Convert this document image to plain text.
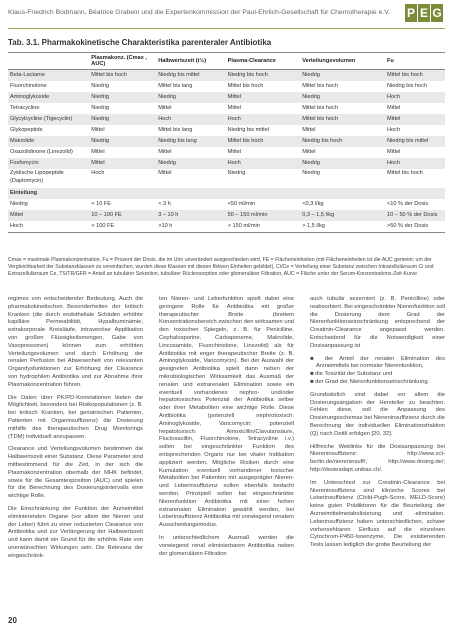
Klaus-Friedrich Bodmann, Béatrice Grabein und die Expertenkommission der Paul-Ehrlich-Gesellschaft für Chemotherapie e.V. P E G
Tab. 3.1. Pharmakokinetische Charakteristika parenteraler Antibiotika
	Plasmakonz. (Cmax , AUC)	Halbwertszeit (t½)	Plasma-Clearance	Verteilungsvolumen	Fu
Beta-Lactame	Mittel bis hoch	Niedrig bis mittel	Niedrig bis hoch	Niedrig	Mittel bis hoch
Fluorchinolone	Niedrig	Mittel bis lang	Mittel bis hoch	Mittel bis hoch	Niedrig bis hoch
Aminoglykoside	Niedrig	Niedrig	Mittel	Niedrig	Hoch
Tetracycline	Niedrig	Mittel	Mittel	Mittel bis hoch	Mittel
Glycylcycline (Tigecyclin)	Niedrig	Hoch	Hoch	Mittel bis hoch	Mittel
Glykopeptide	Mittel	Mittel bis lang	Niedrig bis mittel	Mittel	Hoch
Makrolide	Niedrig	Niedrig bis lang	Mittel bis hoch	Niedrig bis hoch	Niedrig bis mittel
Oxazolidinone (Linezolid)	Mittel	Mittel	Mittel	Mittel	Mittel
Fosfomycin	Mittel	Niedrig	Hoch	Niedrig	Hoch
Zyklische Lipopeptide (Daptomycin)	Hoch	Mittel	Niedrig	Niedrig	Mittel bis hoch
Einteilung					
Niedrig	< 10 FE	< 3 h	<50 ml/min	<0,3 l/kg	<10 % der Dosis
Mittel	10 – 100 FE	3 – 10 h	50 – 150 ml/min	0,3 – 1,5 l/kg	10 – 50 % der Dosis
Hoch	> 100 FE	>10 h	> 150 ml/min	> 1,5 l/kg	>50 % der Dosis
Cmax = maximale Plasmakonzentration, Fu = Prozent der Dosis, die im Urin unverändert ausgeschieden wird, FE = Flächeneinheiten (mit Flächeneinheiten ist die AUC gemeint; um der Vergleichbarkeit der Substanzklassen zu vereinfachen, wurden diese Klassen mit diesen fiktiven Einheiten gebildet), Ci/Ce = Verteilung einer Substanz zwischen Intrazellulärraum Ci und Extrazellulärraum Ce, TS/TR/GFR = Anteil an tubulärer Sekretion, tubulärer Rückresorption oder glomerulärer Filtration, AUC = Fläche unter der Serum-Konzentrations-Zeit-Kurve

regimes von entscheidender Bedeutung. Auch die pharmakokinetischen Besonderheiten der kritisch Kranken (die durch endotheliale Schäden erhöhte kapilläre Permeabilität, Hypalbuminämie, extrakorporale Kreisläufe, intravenöse Applikation von großen Flüssigkeitsmengen, Gabe von Vasopressoren) können zum erhöhten Verteilungsvolumen und durch Erhöhung der renalen Perfusion bei Abwesenheit von relevanten Organdysfunktionen zur Erhöhung der Clearance von hydrophilen Antibiotika und zur Abnahme ihrer Plasmakonzentration führen.

Die Daten über PK/PD-Korrelationen bieten die Möglichkeit, besonders bei Risikopopulationen (z. B. bei kritisch Kranken, bei geriatrischen Patienten, Patienten mit Organinsuffizienz) die Dosierung mithilfe des therapeutischen Drug Monitorings (TDM) individuell anzupassen.

Clearance und Verteilungsvolumen bestimmen die Halbwertszeit einer Substanz. Diese Parameter sind mitbestimmend für die Zeit, in der sich die Plasmakonzentration oberhalb der MHK befindet, sowie für die Gesamtexposition (AUC) und spielen für die Berechnung des Dosierungsintervalls eine wichtige Rolle.

Die Einschränkung der Funktion der Arzneimittel eliminierenden Organe (vor allem der Nieren und der Leber) führt zu einer reduzierten Clearance von Antibiotika und zur Verlängerung der Halbwertszeit und kann damit ein Grund für die erhöhte Rate von unerwünschten Wirkungen sein. Die Relevanz der eingeschränk-

ten Nieren- und Leberfunktion spielt dabei eine geringere Rolle für Antibiotika mit großer therapeutischer Breite (breitem Konzentrationsbereich zwischen den wirksamen und den toxischen Spiegeln, z. B. für Penicilline, Cephalosporine, Carbapeneme, Makrolide, Lincosamide, Fluorchinolone, Linezolid) als für Antibiotika mit enger therapeutischer Breite (z. B. Aminoglykoside, Vancomycin). Bei der Auswahl der geeigneten Antibiotika spielt dann neben der mikrobiologischen Wirksamkeit das Ausmaß der renalen und extrarenalen Elimination sowie ein eventuell vorhandenes nephro- und/oder hepatotoxisches Potenzial der Antibiotika selber oder ihrer Metaboliten eine wichtige Rolle. Diese Antibiotika (potenziell nephrotoxisch: Aminoglykoside, Vancomycin; potenziell hepatotoxisch: Amoxicillin/Clavulansäure, Flucloxacillin, Fluorchinolone, Tetracycline i.v.) sollen bei eingeschränkter Funktion des entsprechenden Organs nur bei vitaler Indikation appliziert werden. Mögliche Risiken durch eine Kumulation eventuell vorhandener toxischer Metaboliten bei Patienten mit ausgeprägter Nieren- und Leberinsuffizienz sollen ebenfalls bedacht werden. Prinzipiell sollen bei eingeschränkter Nierenfunktion Antibiotika mit einer hohen extrarenalen Elimination gewählt werden, bei Leberinsuffizienz Antibiotika mit vorwiegend renalem Ausscheidungsmodus.

In unterschiedlichem Ausmaß werden die vorwiegend renal eliminierbaren Antibiotika neben der glomerulären Filtration

auch tubulär sezerniert (z. B. Penicilline) oder reabsorbiert. Bei eingeschränkter Nierenfunktion soll die Dosierung dem Grad der Nierenfunktionseinschränkung entsprechend der Creatinin-Clearance angepasst werden. Entscheidend für die Notwendigkeit einer Dosisanpassung ist

■ der Anteil der renalen Elimination des Arzneimittels bei normaler Nierenfunktion,
■ die Toxizität der Substanz und
■ der Grad der Nierenfunktionseinschränkung.

Grundsätzlich sind dabei vor allem die Dosierungsangaben der Hersteller zu beachten. Fehlen diese, soll die Anpassung des Dosierungsschemas bei Niereninsuffizienz durch die Berechnung der individuellen Eliminationsfraktion (Q) nach Dettli erfolgen [20, 32].

Hilfreiche Weblinks für die Dosisanpassung bei Niereninsuffizienz: http://www.zct-berlin.de/niereninsuff/; http://www.dosing.de/; http://dosieadapt.unibas.ch/.

Im Unterschied zur Creatinin-Clearance bei Niereninsuffizienz sind klinische Scores bei Leberinsuffizienz (Child-Pugh-Score, MELD-Score) keine guten Prädiktoren für die Beurteilung der Arzneimittelmetabolisierung und -elimination. Leberinsuffizienz haben unterschiedlichen, schwer vorhersehbaren Einfluss auf die einzelnen Cytochrom-P450-Isoenzyme. Die existierenden Tests lassen lediglich die grobe Beurteilung der

20
